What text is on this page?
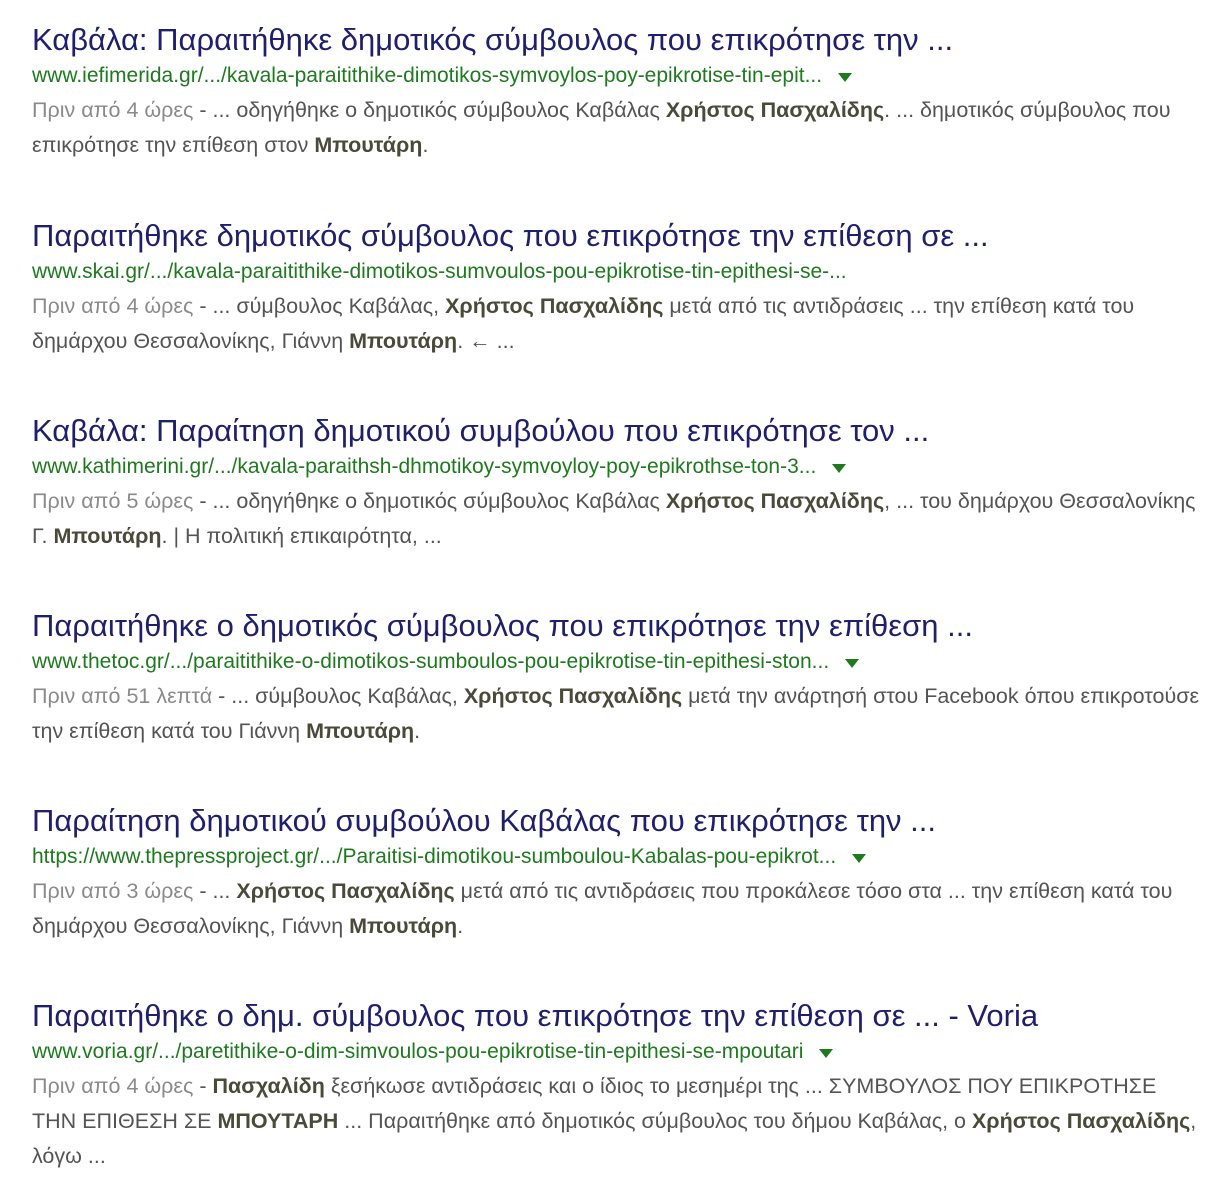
Καβάλα: Παραιτήθηκε δημοτικός σύμβουλος που επικρότησε την ...
www.iefimerida.gr/.../kavala-paraitithike-dimotikos-symvoylos-poy-epikrotise-tin-epit...
Πριν από 4 ώρες - ... οδηγήθηκε ο δημοτικός σύμβουλος Καβάλας Χρήστος Πασχαλίδης. ... δημοτικός σύμβουλος που επικρότησε την επίθεση στον Μπουτάρη.
Παραιτήθηκε δημοτικός σύμβουλος που επικρότησε την επίθεση σε ...
www.skai.gr/.../kavala-paraitithike-dimotikos-sumvoulos-pou-epikrotise-tin-epithesi-se-...
Πριν από 4 ώρες - ... σύμβουλος Καβάλας, Χρήστος Πασχαλίδης μετά από τις αντιδράσεις ... την επίθεση κατά του δημάρχου Θεσσαλονίκης, Γιάννη Μπουτάρη. ← ...
Καβάλα: Παραίτηση δημοτικού συμβούλου που επικρότησε τον ...
www.kathimerini.gr/.../kavala-paraithsh-dhmotikoy-symvoyloy-poy-epikrothse-ton-3...
Πριν από 5 ώρες - ... οδηγήθηκε ο δημοτικός σύμβουλος Καβάλας Χρήστος Πασχαλίδης, ... του δημάρχου Θεσσαλονίκης Γ. Μπουτάρη. | Η πολιτική επικαιρότητα, ...
Παραιτήθηκε ο δημοτικός σύμβουλος που επικρότησε την επίθεση ...
www.thetoc.gr/.../paraitithike-o-dimotikos-sumboulos-pou-epikrotise-tin-epithesi-ston...
Πριν από 51 λεπτά - ... σύμβουλος Καβάλας, Χρήστος Πασχαλίδης μετά την ανάρτησή στου Facebook όπου επικροτούσε την επίθεση κατά του Γιάννη Μπουτάρη.
Παραίτηση δημοτικού συμβούλου Καβάλας που επικρότησε την ...
https://www.thepressproject.gr/.../Paraitisi-dimotikou-sumboulou-Kabalas-pou-epikrot...
Πριν από 3 ώρες - ... Χρήστος Πασχαλίδης μετά από τις αντιδράσεις που προκάλεσε τόσο στα ... την επίθεση κατά του δημάρχου Θεσσαλονίκης, Γιάννη Μπουτάρη.
Παραιτήθηκε ο δημ. σύμβουλος που επικρότησε την επίθεση σε ... - Voria
www.voria.gr/.../paretithike-o-dim-simvoulos-pou-epikrotise-tin-epithesi-se-mpoutari
Πριν από 4 ώρες - Πασχαλίδη ξεσήκωσε αντιδράσεις και ο ίδιος το μεσημέρι της ... ΣΥΜΒΟΥΛΟΣ ΠΟΥ ΕΠΙΚΡΟΤΗΣΕ ΤΗΝ ΕΠΙΘΕΣΗ ΣΕ ΜΠΟΥΤΑΡΗ ... Παραιτήθηκε από δημοτικός σύμβουλος του δήμου Καβάλας, ο Χρήστος Πασχαλίδης, λόγω ...
